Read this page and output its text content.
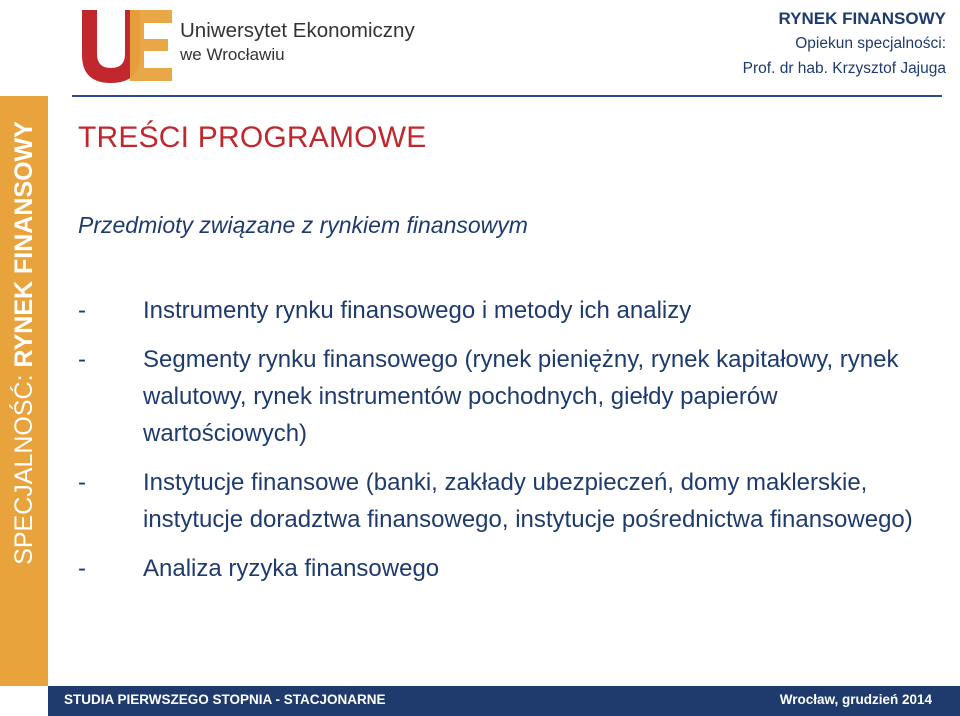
Uniwersytet Ekonomiczny
we Wrocławiu
RYNEK FINANSOWY
Opiekun specjalności:
Prof. dr hab. Krzysztof Jajuga
SPECJALNOŚĆ: RYNEK FINANSOWY TREŚCI PROGRAMOWE
Przedmioty związane z rynkiem finansowym
- Instrumenty rynku finansowego i metody ich analizy
- Segmenty rynku finansowego (rynek pieniężny, rynek kapitałowy, rynek walutowy, rynek instrumentów pochodnych, giełdy papierów wartościowych)
- Instytucje finansowe (banki, zakłady ubezpieczeń, domy maklerskie, instytucje doradztwa finansowego, instytucje pośrednictwa finansowego)
- Analiza ryzyka finansowego
STUDIA PIERWSZEGO STOPNIA - STACJONARNE	Wrocław, grudzień 2014
